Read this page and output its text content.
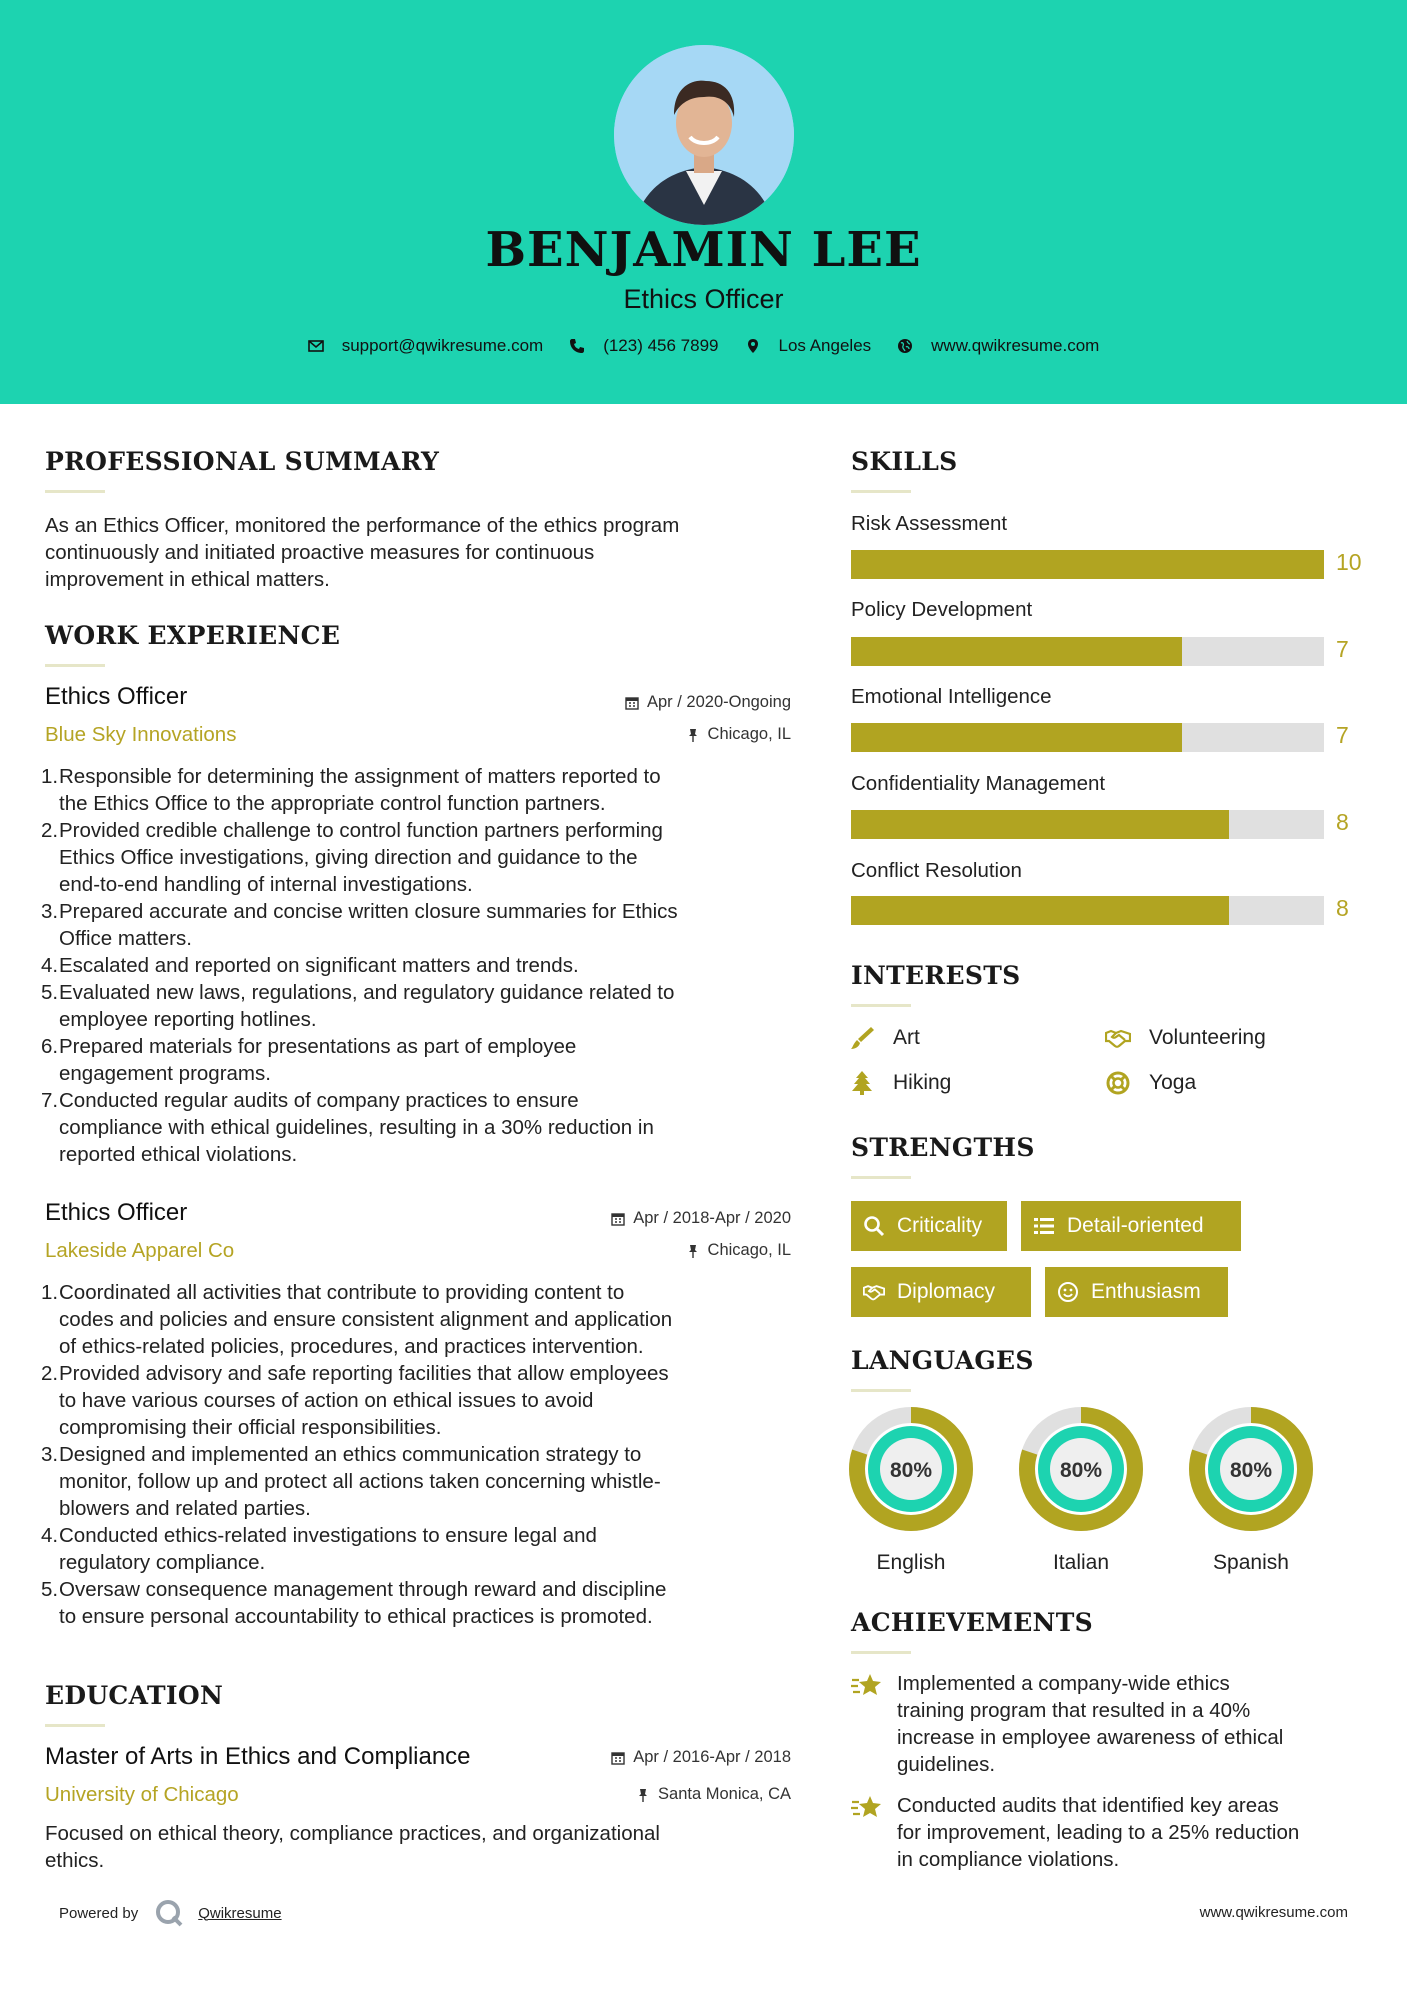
BENJAMIN LEE
Ethics Officer
support@qwikresume.com	(123) 456 7899	Los Angeles	www.qwikresume.com
PROFESSIONAL SUMMARY
As an Ethics Officer, monitored the performance of the ethics program
continuously and initiated proactive measures for continuous
improvement in ethical matters.
WORK EXPERIENCE
Ethics Officer
Blue Sky Innovations
Apr / 2020-Ongoing
Chicago, IL
1. Responsible for determining the assignment of matters reported to
the Ethics Office to the appropriate control function partners.
2. Provided credible challenge to control function partners performing
Ethics Office investigations, giving direction and guidance to the
end-to-end handling of internal investigations.
3. Prepared accurate and concise written closure summaries for Ethics
Office matters.
4. Escalated and reported on significant matters and trends.
5. Evaluated new laws, regulations, and regulatory guidance related to
employee reporting hotlines.
6. Prepared materials for presentations as part of employee
engagement programs.
7. Conducted regular audits of company practices to ensure
compliance with ethical guidelines, resulting in a 30% reduction in
reported ethical violations.
Ethics Officer
Lakeside Apparel Co
Apr / 2018-Apr / 2020
Chicago, IL
1. Coordinated all activities that contribute to providing content to
codes and policies and ensure consistent alignment and application
of ethics-related policies, procedures, and practices intervention.
2. Provided advisory and safe reporting facilities that allow employees
to have various courses of action on ethical issues to avoid
compromising their official responsibilities.
3. Designed and implemented an ethics communication strategy to
monitor, follow up and protect all actions taken concerning whistle-
blowers and related parties.
4. Conducted ethics-related investigations to ensure legal and
regulatory compliance.
5. Oversaw consequence management through reward and discipline
to ensure personal accountability to ethical practices is promoted.
EDUCATION
Master of Arts in Ethics and Compliance
University of Chicago
Apr / 2016-Apr / 2018
Santa Monica, CA
Focused on ethical theory, compliance practices, and organizational
ethics.
SKILLS
Risk Assessment
10
Policy Development
7
Emotional Intelligence
7
Confidentiality Management
8
Conflict Resolution
8
INTERESTS
Art	Volunteering
Hiking	Yoga
STRENGTHS
Criticality	Detail-oriented
Diplomacy	Enthusiasm
LANGUAGES
80%
English
80%
Italian
80%
Spanish
ACHIEVEMENTS
Implemented a company-wide ethics
training program that resulted in a 40%
increase in employee awareness of ethical
guidelines.
Conducted audits that identified key areas
for improvement, leading to a 25% reduction
in compliance violations.
Powered by	Qwikresume	www.qwikresume.com
